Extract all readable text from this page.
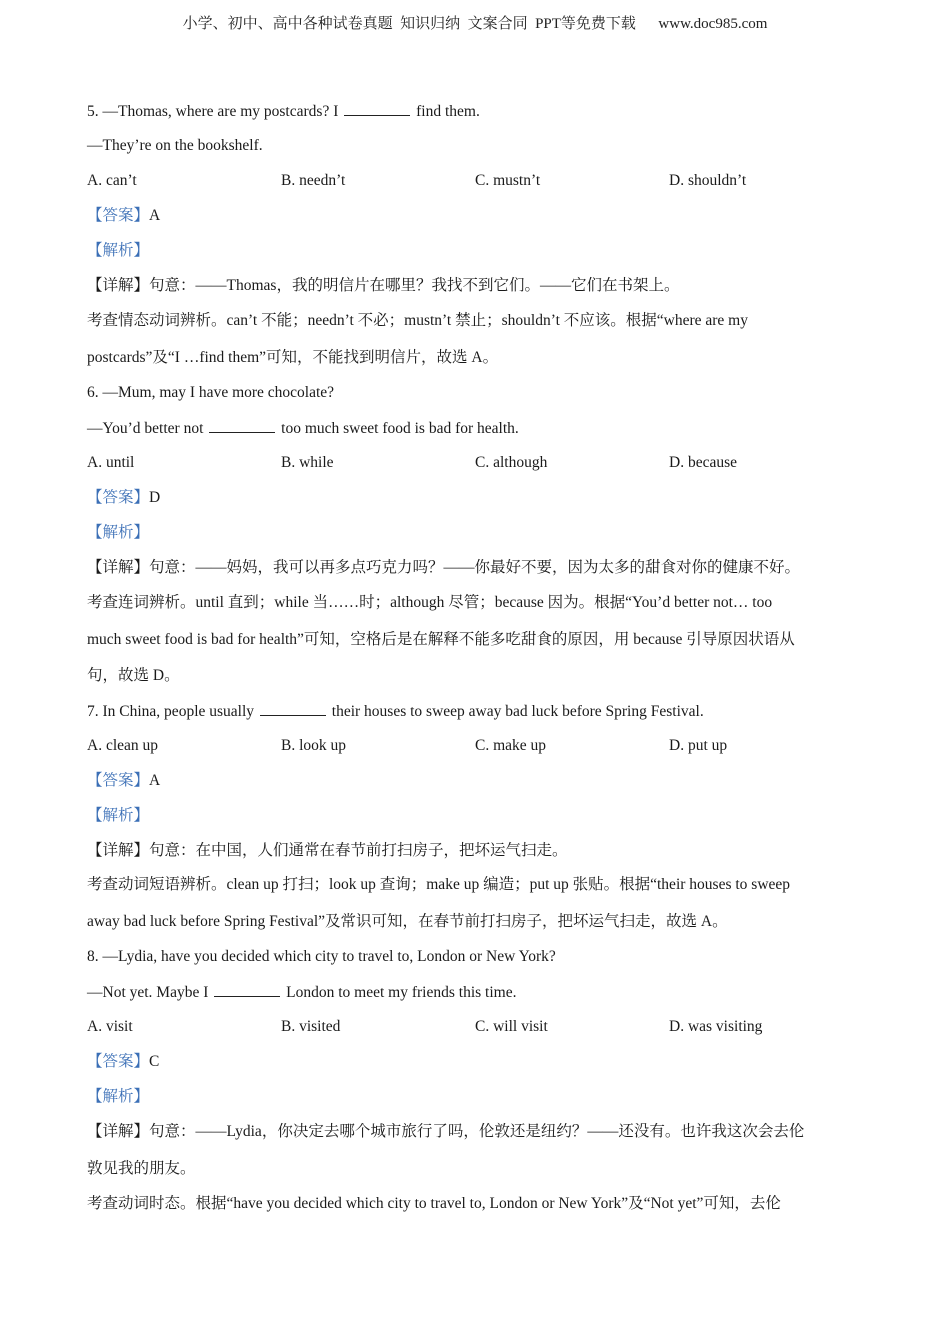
小学、初中、高中各种试卷真题  知识归纳  文案合同  PPT等免费下载      www.doc985.com
5. —Thomas, where are my postcards? I	find them.
—They’re on the bookshelf.
A. can’t	B. needn’t	C. mustn’t	D. shouldn’t
【答案】A
【解析】
【详解】句意：——Thomas，我的明信片在哪里？我找不到它们。——它们在书架上。
考查情态动词辨析。can’t 不能；needn’t 不必；mustn’t 禁止；shouldn’t 不应该。根据“where are my
postcards”及“I …find them”可知，不能找到明信片，故选 A。
6. —Mum, may I have more chocolate?
—You’d better not	too much sweet food is bad for health.
A. until	B. while	C. although	D. because
【答案】D
【解析】
【详解】句意：——妈妈，我可以再多点巧克力吗？——你最好不要，因为太多的甜食对你的健康不好。
考查连词辨析。until 直到；while 当……时；although 尽管；because 因为。根据“You’d better not… too
much sweet food is bad for health”可知，空格后是在解释不能多吃甜食的原因，用 because 引导原因状语从
句，故选 D。
7. In China, people usually	their houses to sweep away bad luck before Spring Festival.
A. clean up	B. look up	C. make up	D. put up
【答案】A
【解析】
【详解】句意：在中国，人们通常在春节前打扫房子，把坏运气扫走。
考查动词短语辨析。clean up 打扫；look up 查询；make up 编造；put up 张贴。根据“their houses to sweep
away bad luck before Spring Festival”及常识可知，在春节前打扫房子，把坏运气扫走，故选 A。
8. —Lydia, have you decided which city to travel to, London or New York?
—Not yet. Maybe I	London to meet my friends this time.
A. visit	B. visited	C. will visit	D. was visiting
【答案】C
【解析】
【详解】句意：——Lydia，你决定去哪个城市旅行了吗，伦敦还是纽约？——还没有。也许我这次会去伦
敦见我的朋友。
考查动词时态。根据“have you decided which city to travel to, London or New York”及“Not yet”可知，去伦
